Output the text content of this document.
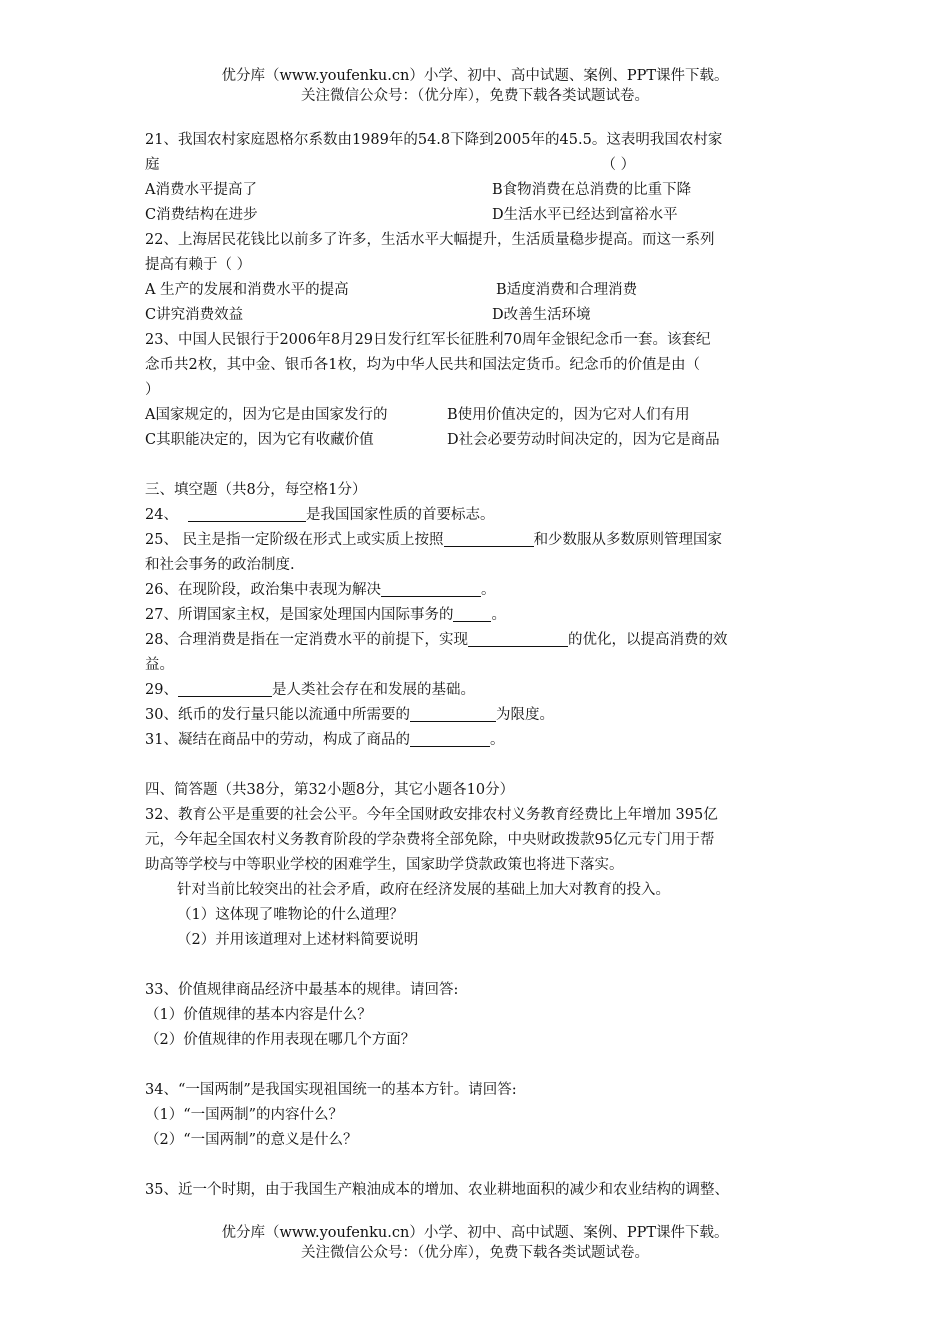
优分库（www.youfenku.cn）小学、初中、高中试题、案例、PPT课件下载。
关注微信公众号：（优分库），免费下载各类试题试卷。
21、我国农村家庭恩格尔系数由1989年的54.8下降到2005年的45.5。这表明我国农村家
庭	（ ）
A消费水平提高了	B食物消费在总消费的比重下降
C消费结构在进步	D生活水平已经达到富裕水平
22、上海居民花钱比以前多了许多，生活水平大幅提升，生活质量稳步提高。而这一系列
提高有赖于（ ）
A 生产的发展和消费水平的提高	B适度消费和合理消费
C讲究消费效益	D改善生活环境
23、中国人民银行于2006年8月29日发行红军长征胜利70周年金银纪念币一套。该套纪
念币共2枚，其中金、银币各1枚，均为中华人民共和国法定货币。纪念币的价值是由（
）
A国家规定的，因为它是由国家发行的	B使用价值决定的，因为它对人们有用
C其职能决定的，因为它有收藏价值	D社会必要劳动时间决定的，因为它是商品
三、填空题（共8分，每空格1分）
24、	是我国国家性质的首要标志。
25、 民主是指一定阶级在形式上或实质上按照	和少数服从多数原则管理国家
和社会事务的政治制度.
26、在现阶段，政治集中表现为解决	。
27、所谓国家主权，是国家处理国内国际事务的	。
28、合理消费是指在一定消费水平的前提下，实现	的优化，以提高消费的效
益。
29、	是人类社会存在和发展的基础。
30、纸币的发行量只能以流通中所需要的	为限度。
31、凝结在商品中的劳动，构成了商品的	。
四、简答题（共38分，第32小题8分，其它小题各10分）
32、教育公平是重要的社会公平。今年全国财政安排农村义务教育经费比上年增加 395亿
元，今年起全国农村义务教育阶段的学杂费将全部免除，中央财政拨款95亿元专门用于帮
助高等学校与中等职业学校的困难学生，国家助学贷款政策也将进下落实。
针对当前比较突出的社会矛盾，政府在经济发展的基础上加大对教育的投入。
（1）这体现了唯物论的什么道理？
（2）并用该道理对上述材料简要说明
33、价值规律商品经济中最基本的规律。请回答:
（1）价值规律的基本内容是什么？
（2）价值规律的作用表现在哪几个方面？
34、“一国两制”是我国实现祖国统一的基本方针。请回答:
（1）“一国两制”的内容什么？
（2）“一国两制”的意义是什么？
35、近一个时期，由于我国生产粮油成本的增加、农业耕地面积的减少和农业结构的调整、
优分库（www.youfenku.cn）小学、初中、高中试题、案例、PPT课件下载。
关注微信公众号：（优分库），免费下载各类试题试卷。
